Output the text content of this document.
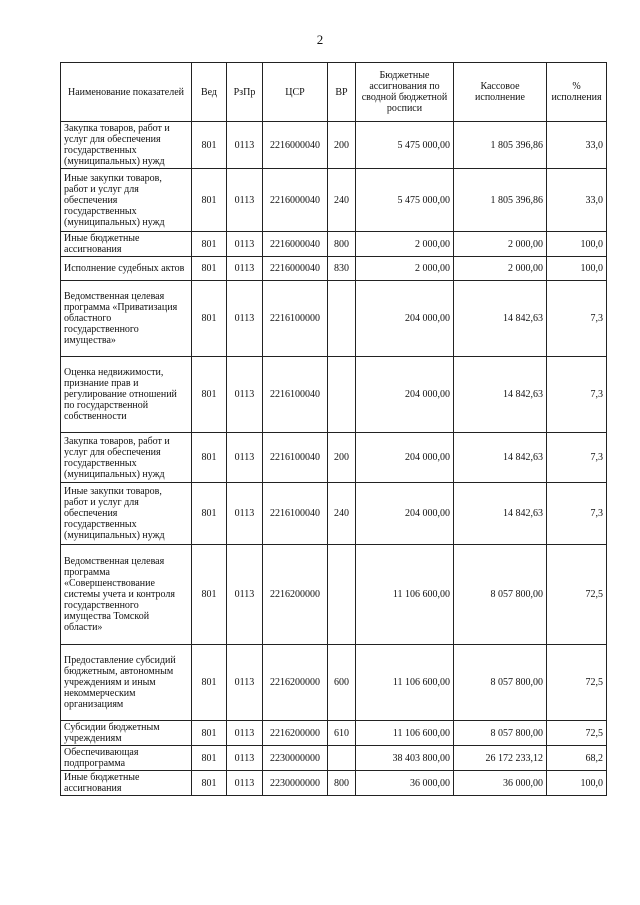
2
Наименование показателей	Вед	РзПр	ЦСР	ВР	Бюджетные ассигнования по сводной бюджетной росписи	Кассовое исполнение	% исполнения
Закупка товаров, работ и услуг для обеспечения государственных (муниципальных) нужд	801	0113	2216000040	200	5 475 000,00	1 805 396,86	33,0
Иные закупки товаров, работ и услуг для обеспечения государственных (муниципальных) нужд	801	0113	2216000040	240	5 475 000,00	1 805 396,86	33,0
Иные бюджетные ассигнования	801	0113	2216000040	800	2 000,00	2 000,00	100,0
Исполнение судебных актов	801	0113	2216000040	830	2 000,00	2 000,00	100,0
Ведомственная целевая программа «Приватизация областного государственного имущества»	801	0113	2216100000		204 000,00	14 842,63	7,3
Оценка недвижимости, признание прав и регулирование отношений по государственной собственности	801	0113	2216100040		204 000,00	14 842,63	7,3
Закупка товаров, работ и услуг для обеспечения государственных (муниципальных) нужд	801	0113	2216100040	200	204 000,00	14 842,63	7,3
Иные закупки товаров, работ и услуг для обеспечения государственных (муниципальных) нужд	801	0113	2216100040	240	204 000,00	14 842,63	7,3
Ведомственная целевая программа «Совершенствование системы учета и контроля государственного имущества Томской области»	801	0113	2216200000		11 106 600,00	8 057 800,00	72,5
Предоставление субсидий бюджетным, автономным учреждениям и иным некоммерческим организациям	801	0113	2216200000	600	11 106 600,00	8 057 800,00	72,5
Субсидии бюджетным учреждениям	801	0113	2216200000	610	11 106 600,00	8 057 800,00	72,5
Обеспечивающая подпрограмма	801	0113	2230000000		38 403 800,00	26 172 233,12	68,2
Иные бюджетные ассигнования	801	0113	2230000000	800	36 000,00	36 000,00	100,0
